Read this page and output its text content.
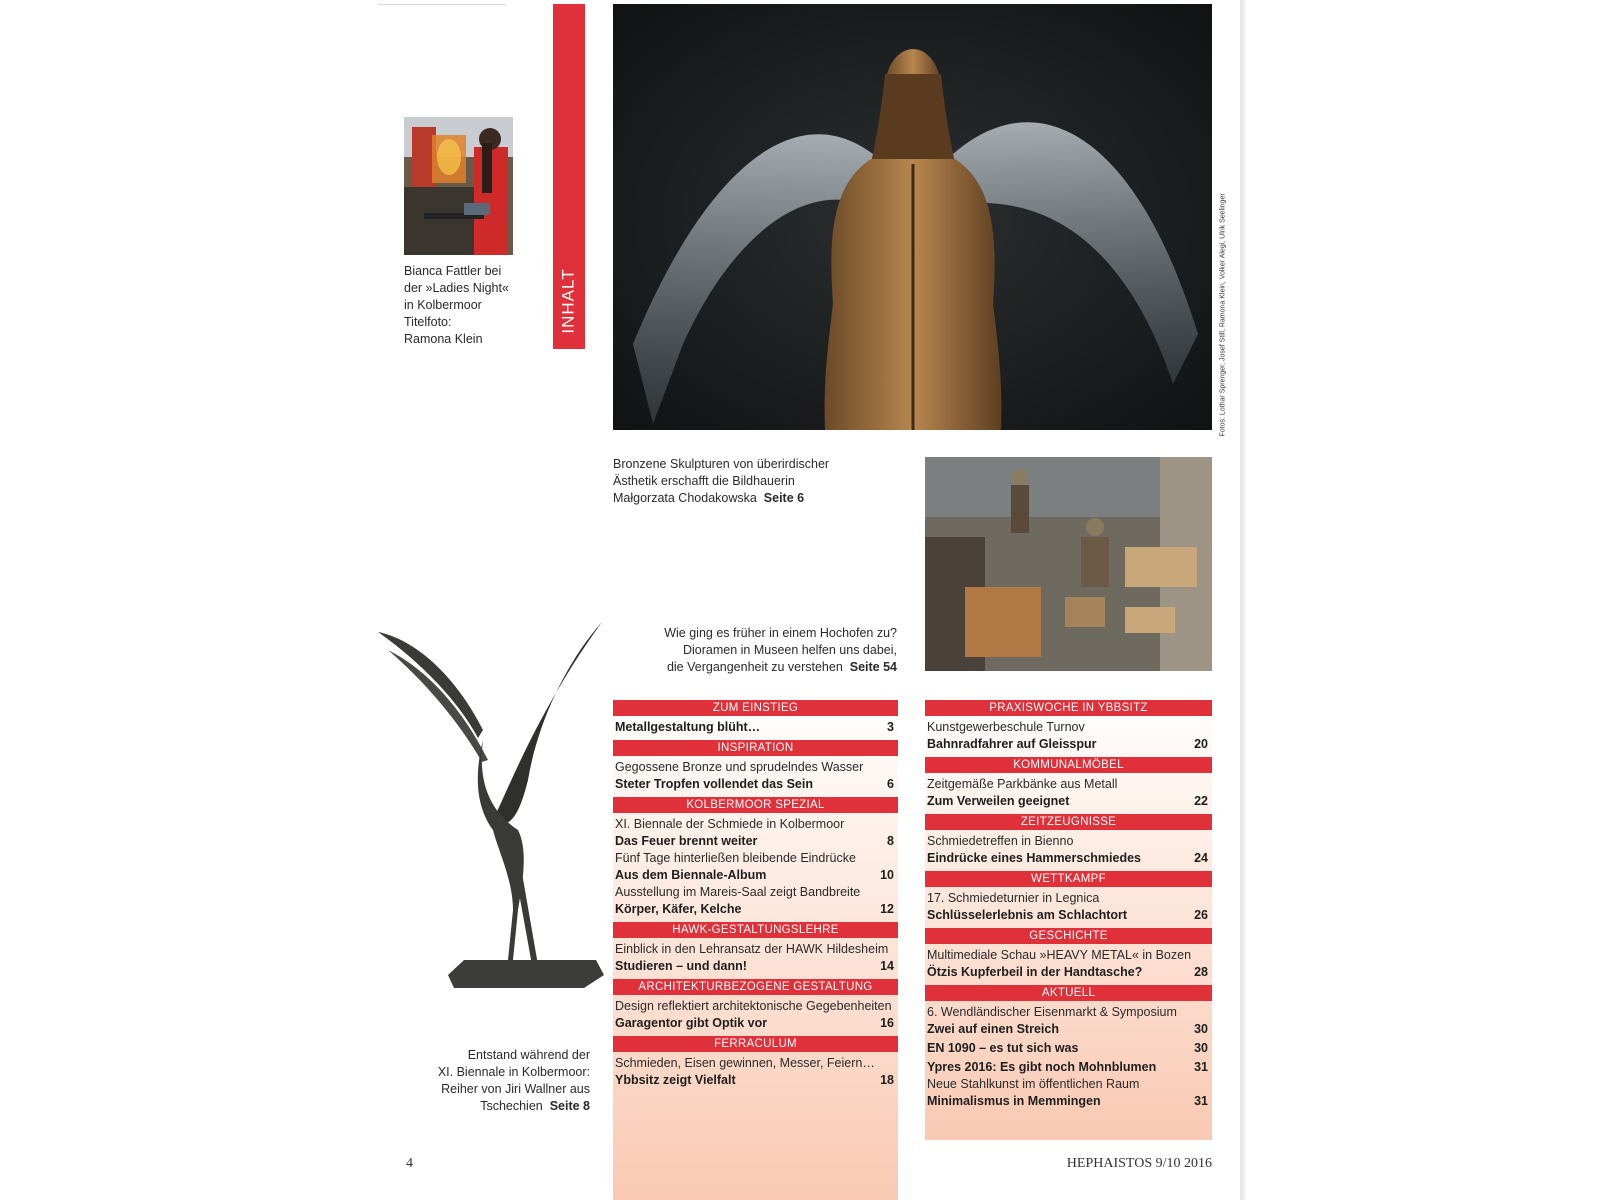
Bianca Fattler bei
der »Ladies Night«
in Kolbermoor
Titelfoto:
Ramona Klein
INHALT	Fotos: Lothar Sprenger, Josef Still, Ramona Klein, Volker Alegi, Ulrik Seelinger
Bronzene Skulpturen von überirdischer
Ästhetik erschafft die Bildhauerin
Małgorzata Chodakowska Seite 6
Wie ging es früher in einem Hochofen zu?
Dioramen in Museen helfen uns dabei,
die Vergangenheit zu verstehen Seite 54
Entstand während der
XI. Biennale in Kolbermoor:
Reiher von Jiri Wallner aus
Tschechien Seite 8
ZUM EINSTIEG
Metallgestaltung blüht…	3
INSPIRATION
Gegossene Bronze und sprudelndes Wasser
Steter Tropfen vollendet das Sein	6
KOLBERMOOR SPEZIAL
XI. Biennale der Schmiede in Kolbermoor
Das Feuer brennt weiter	8
Fünf Tage hinterließen bleibende Eindrücke
Aus dem Biennale-Album	10
Ausstellung im Mareis-Saal zeigt Bandbreite
Körper, Käfer, Kelche	12
HAWK-GESTALTUNGSLEHRE
Einblick in den Lehransatz der HAWK Hildesheim
Studieren – und dann!	14
ARCHITEKTURBEZOGENE GESTALTUNG
Design reflektiert architektonische Gegebenheiten
Garagentor gibt Optik vor	16
FERRACULUM
Schmieden, Eisen gewinnen, Messer, Feiern…
Ybbsitz zeigt Vielfalt	18
PRAXISWOCHE IN YBBSITZ
Kunstgewerbeschule Turnov
Bahnradfahrer auf Gleisspur	20
KOMMUNALMÖBEL
Zeitgemäße Parkbänke aus Metall
Zum Verweilen geeignet	22
ZEITZEUGNISSE
Schmiedetreffen in Bienno
Eindrücke eines Hammerschmiedes	24
WETTKAMPF
17. Schmiedeturnier in Legnica
Schlüsselerlebnis am Schlachtort	26
GESCHICHTE
Multimediale Schau »HEAVY METAL« in Bozen
Ötzis Kupferbeil in der Handtasche?	28
AKTUELL
6. Wendländischer Eisenmarkt & Symposium
Zwei auf einen Streich	30
EN 1090 – es tut sich was	30
Ypres 2016: Es gibt noch Mohnblumen	31
Neue Stahlkunst im öffentlichen Raum
Minimalismus in Memmingen	31
4	HEPHAISTOS 9/10 2016
